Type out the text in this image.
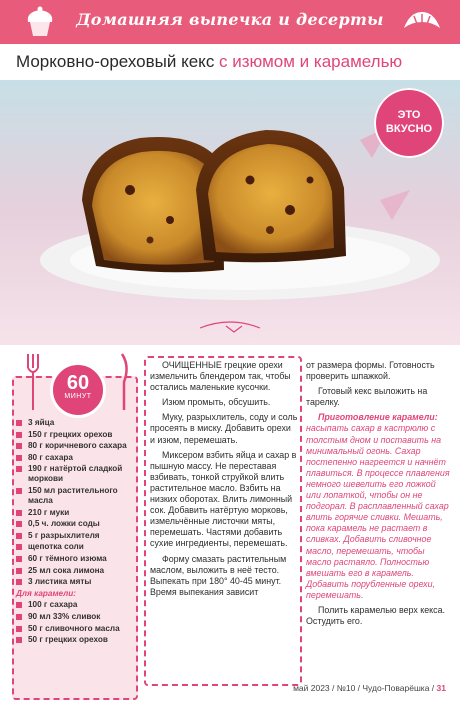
Домашняя выпечка и десерты
Морковно-ореховый кекс с изюмом и карамелью
ЭТО
ВКУСНО
60
МИНУТ
3 яйца
150 г грецких орехов
80 г коричневого сахара
80 г сахара
190 г натёртой сладкой моркови
150 мл растительного масла
210 г муки
0,5 ч. ложки соды
5 г разрыхлителя
щепотка соли
60 г тёмного изюма
25 мл сока лимона
3 листика мяты
Для карамели:
100 г сахара
90 мл 33% сливок
50 г сливочного масла
50 г грецких орехов

ОЧИЩЕННЫЕ грецкие орехи измельчить блендером так, чтобы остались маленькие кусочки.

Изюм промыть, обсушить.

Муку, разрыхлитель, соду и соль просеять в миску. Добавить орехи и изюм, перемешать.

Миксером взбить яйца и сахар в пышную массу. Не переставая взбивать, тонкой струйкой влить растительное масло. Взбить на низких оборотах. Влить лимонный сок. Добавить натёртую морковь, измельчённые листочки мяты, перемешать. Частями добавить сухие ингредиенты, перемешать.

Форму смазать растительным маслом, выложить в неё тесто. Выпекать при 180° 40-45 минут. Время выпекания зависит

от размера формы. Готовность проверить шпажкой.

Готовый кекс выложить на тарелку.

Приготовление карамели: насыпать сахар в кастрюлю с толстым дном и поставить на минимальный огонь. Сахар постепенно нагреется и начнёт плавиться. В процессе плавления немного шевелить его ложкой или лопаткой, чтобы он не подгорал. В расплавленный сахар влить горячие сливки. Мешать, пока карамель не растает в сливках. Добавить сливочное масло, перемешать, чтобы масло растаяло. Полностью вмешать его в карамель. Добавить порубленные орехи, перемешать.

Полить карамелью верх кекса. Остудить его.

май 2023 / №10 / Чудо-Поварёшка / 31
